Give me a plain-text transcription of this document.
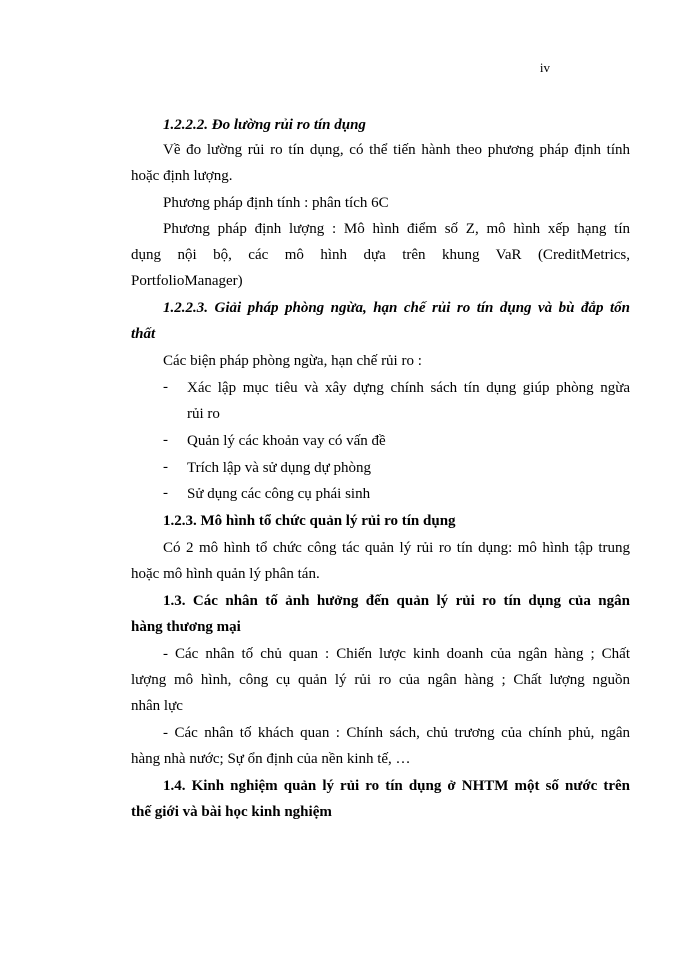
iv
1.2.2.2. Đo lường rủi ro tín dụng
Về đo lường rủi ro tín dụng, có thể tiến hành theo phương pháp định tính
hoặc định lượng.
Phương pháp định tính : phân tích 6C
Phương pháp định lượng : Mô hình điểm số Z, mô hình xếp hạng tín
dụng nội bộ, các mô hình dựa trên khung VaR (CreditMetrics,
PortfolioManager)
1.2.2.3. Giải pháp phòng ngừa, hạn chế rủi ro tín dụng và bù đắp tổn
thất
Các biện pháp phòng ngừa, hạn chế rủi ro :
- Xác lập mục tiêu và xây dựng chính sách tín dụng giúp phòng ngừa
rủi ro
- Quản lý các khoản vay có vấn đề
- Trích lập và sử dụng dự phòng
- Sử dụng các công cụ phái sinh
1.2.3. Mô hình tổ chức quản lý rủi ro tín dụng
Có 2 mô hình tổ chức công tác quản lý rủi ro tín dụng: mô hình tập trung
hoặc mô hình quản lý phân tán.
1.3. Các nhân tố ảnh hưởng đến quản lý rủi ro tín dụng của ngân
hàng thương mại
- Các nhân tố chủ quan : Chiến lược kinh doanh của ngân hàng ; Chất
lượng mô hình, công cụ quản lý rủi ro của ngân hàng ; Chất lượng nguồn
nhân lực
- Các nhân tố khách quan : Chính sách, chủ trương của chính phủ, ngân
hàng nhà nước; Sự ổn định của nền kinh tế, …
1.4. Kinh nghiệm quản lý rủi ro tín dụng ở NHTM một số nước trên
thế giới và bài học kinh nghiệm
